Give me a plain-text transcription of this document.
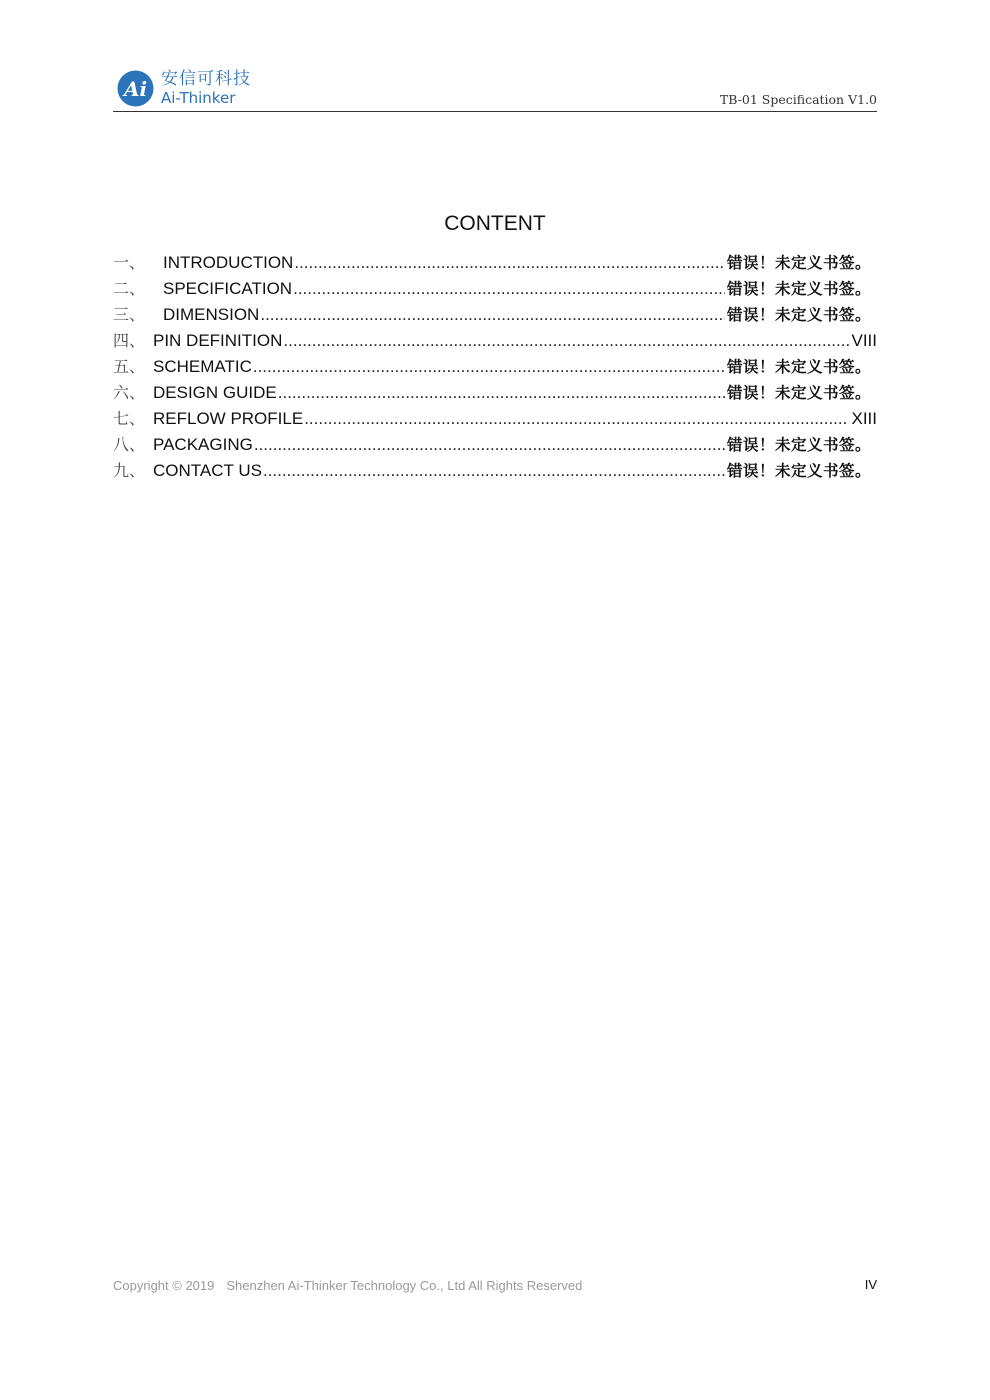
Ai 安信可科技
Ai-Thinker	TB-01 Specification V1.0
CONTENT
一、	INTRODUCTION .....	错误！未定义书签。
二、	SPECIFICATION .....	错误！未定义书签。
三、	DIMENSION .....	错误！未定义书签。
四、 PIN DEFINITION .....	VIII
五、 SCHEMATIC .....	错误！未定义书签。
六、 DESIGN GUIDE .....	错误！未定义书签。
七、 REFLOW PROFILE .....	XIII
八、 PACKAGING .....	错误！未定义书签。
九、 CONTACT US .....	错误！未定义书签。
Copyright © 2019 Shenzhen Ai-Thinker Technology Co., Ltd All Rights Reserved	IV
